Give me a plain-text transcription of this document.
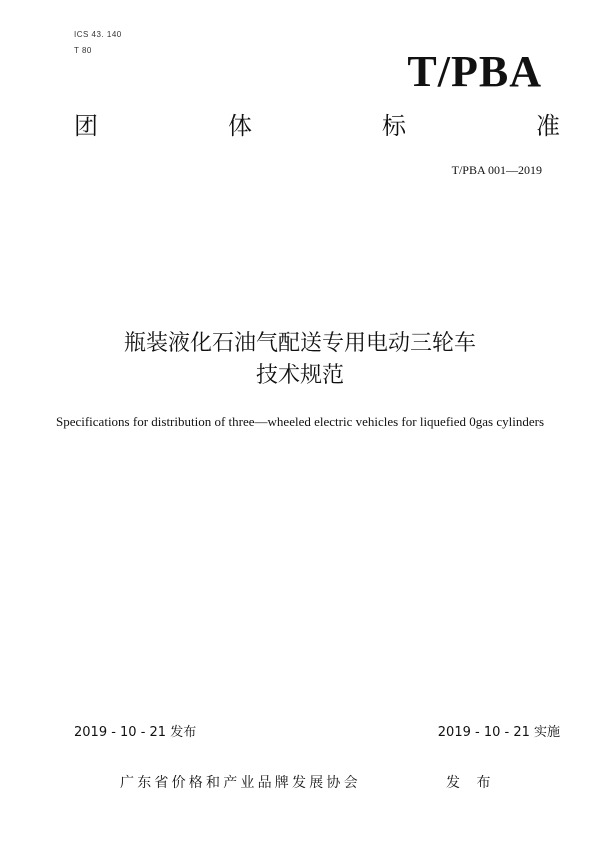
ICS 43. 140
T 80	T/PBA
团	体	标	准
T/PBA 001—2019
瓶装液化石油气配送专用电动三轮车
技术规范
Specifications for distribution of three—wheeled electric vehicles for liquefied 0gas cylinders
2019 - 10 - 21 发布	2019 - 10 - 21 实施
广东省价格和产业品牌发展协会	发 布
